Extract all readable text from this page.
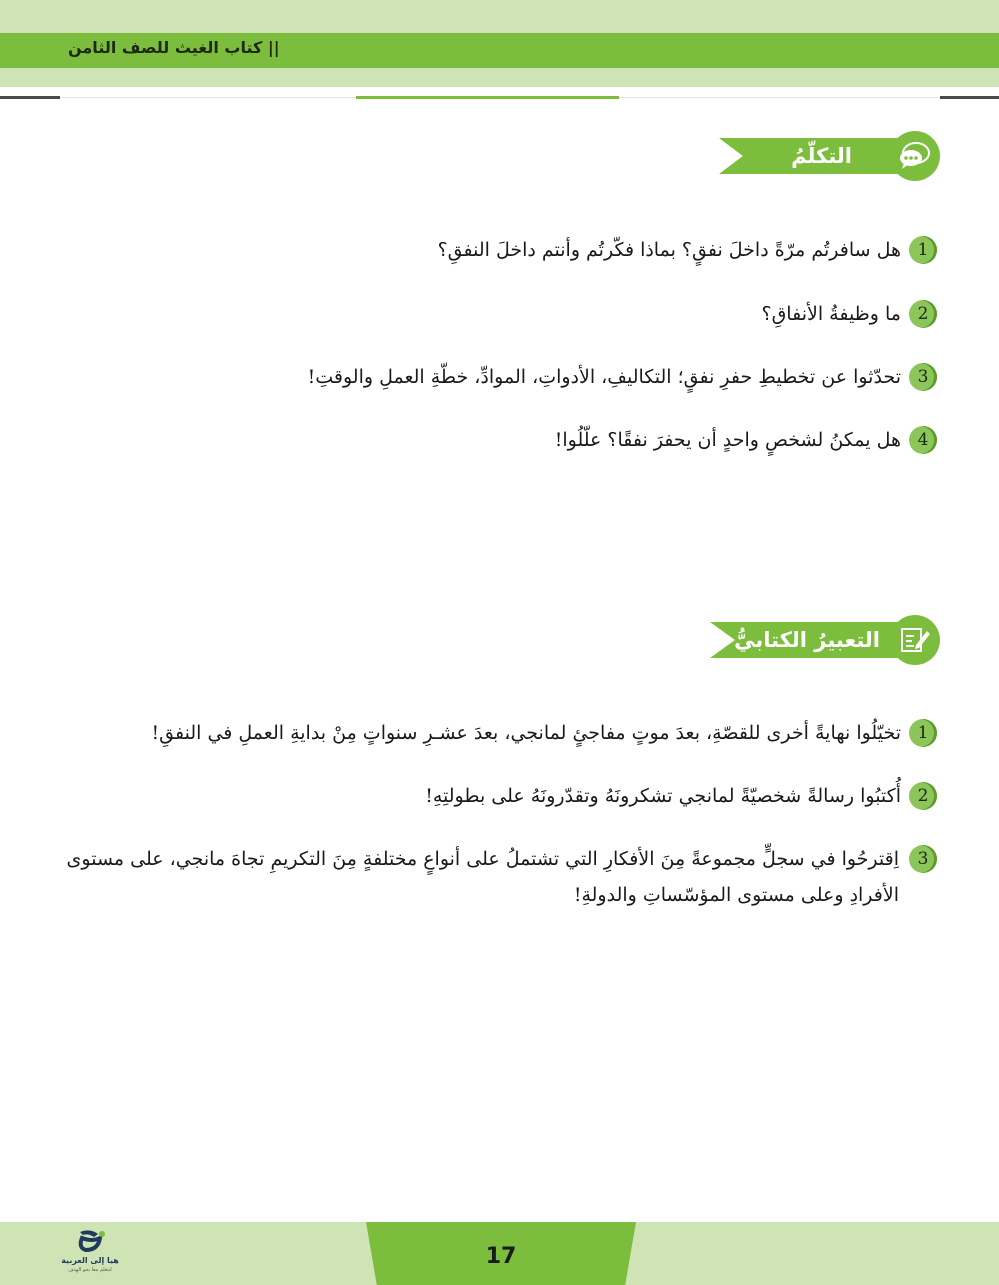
|| كتاب الغيث للصف الثامن
التكلّمُ
1هل سافرتُم مرّةً داخلَ نفقٍ؟ بماذا فكّرتُم وأنتم داخلَ النفقِ؟
2ما وظيفةُ الأنفاقِ؟
3تحدّثوا عن تخطيطِ حفرِ نفقٍ؛ التكاليفِ، الأدواتِ، الموادِّ، خطّةِ العملِ والوقتِ!
4هل يمكنُ لشخصٍ واحدٍ أن يحفرَ نفقًا؟ علّلُوا!
التعبيرُ الكتابيُّ
1تخيّلُوا نهايةً أخرى للقصّةِ، بعدَ موتٍ مفاجئٍ لمانجي، بعدَ عشـرِ سنواتٍ مِنْ بدايةِ العملِ في النفقِ!
2أُكتبُوا رسالةً شخصيّةً لمانجي تشكرونَهُ وتقدّرونَهُ على بطولتِهِ!
3
اِقترحُوا في سجلٍّ مجموعةً مِنَ الأفكارِ التي تشتملُ على أنواعٍ مختلفةٍ مِنَ التكريمِ تجاهَ مانجي، على مستوى الأفرادِ وعلى مستوى المؤسّساتِ والدولةِ!
17
هيا إلى العربية
لنتعلم معا نحو الهدف
